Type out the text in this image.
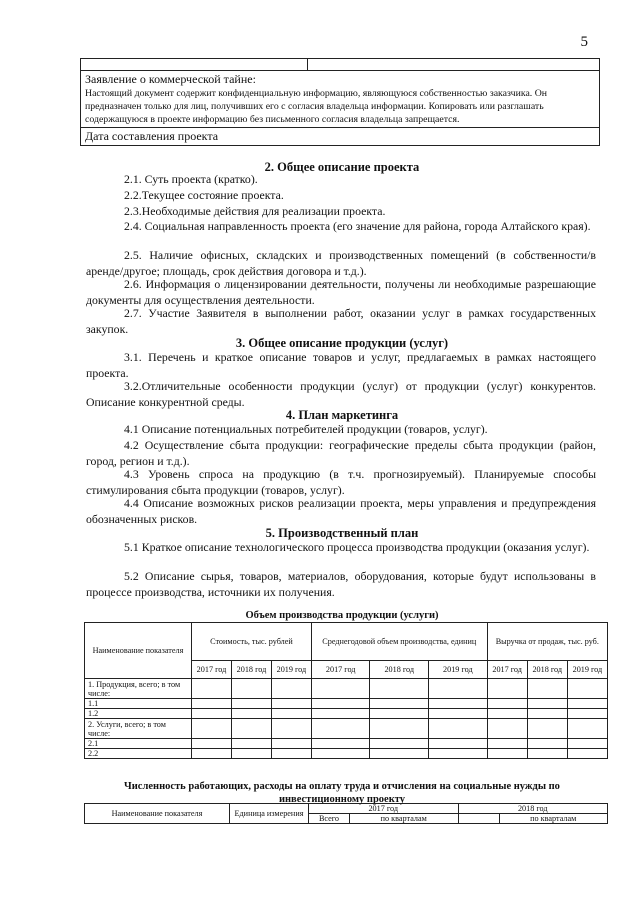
5

Заявление о коммерческой тайне:
Настоящий документ содержит конфиденциальную информацию, являющуюся собственностью заказчика. Он предназначен только для лиц, получивших его с согласия владельца информации. Копировать или разглашать содержащуюся в проекте информацию без письменного согласия владельца запрещается.

Дата составления проекта
2. Общее описание проекта
2.1. Суть проекта (кратко).
2.2.Текущее состояние проекта.
2.3.Необходимые действия для реализации проекта.
2.4. Социальная направленность проекта (его значение для района, города Алтайского края).
2.5. Наличие офисных, складских и производственных помещений (в собственности/в аренде/другое; площадь, срок действия договора и т.д.).
2.6. Информация о лицензировании деятельности, получены ли необходимые разрешающие документы для осуществления деятельности.
2.7. Участие Заявителя в выполнении работ, оказании услуг в рамках государственных закупок.
3. Общее описание продукции (услуг)
3.1. Перечень и краткое описание товаров и услуг, предлагаемых в рамках настоящего проекта.
3.2.Отличительные особенности продукции (услуг) от продукции (услуг) конкурентов. Описание конкурентной среды.
4. План маркетинга
4.1 Описание потенциальных потребителей продукции (товаров, услуг).
4.2 Осуществление сбыта продукции: географические пределы сбыта продукции (район, город, регион и т.д.).
4.3 Уровень спроса на продукцию (в т.ч. прогнозируемый). Планируемые способы стимулирования сбыта продукции (товаров, услуг).
4.4 Описание возможных рисков реализации проекта, меры управления и предупреждения обозначенных рисков.
5. Производственный план
5.1 Краткое описание технологического процесса производства продукции (оказания услуг).
5.2 Описание сырья, товаров, материалов, оборудования, которые будут использованы в процессе производства, источники их получения.
Объем производства продукции (услуги)
Наименование показателя	Стоимость, тыс. рублей			Среднегодовой объем производства, единиц			Выручка от продаж, тыс. руб.		
	2017 год	2018 год	2019 год	2017 год	2018 год	2019 год	2017 год	2018 год	2019 год
1. Продукция, всего; в том числе:									
1.1									
1.2									
2. Услуги, всего; в том числе:									
2.1									
2.2									
Численность работающих, расходы на оплату труда и отчисления на социальные нужды по инвестиционному проекту
Наименование показателя	Единица измерения	2017 год		2018 год	
		Всего	по кварталам		по кварталам
